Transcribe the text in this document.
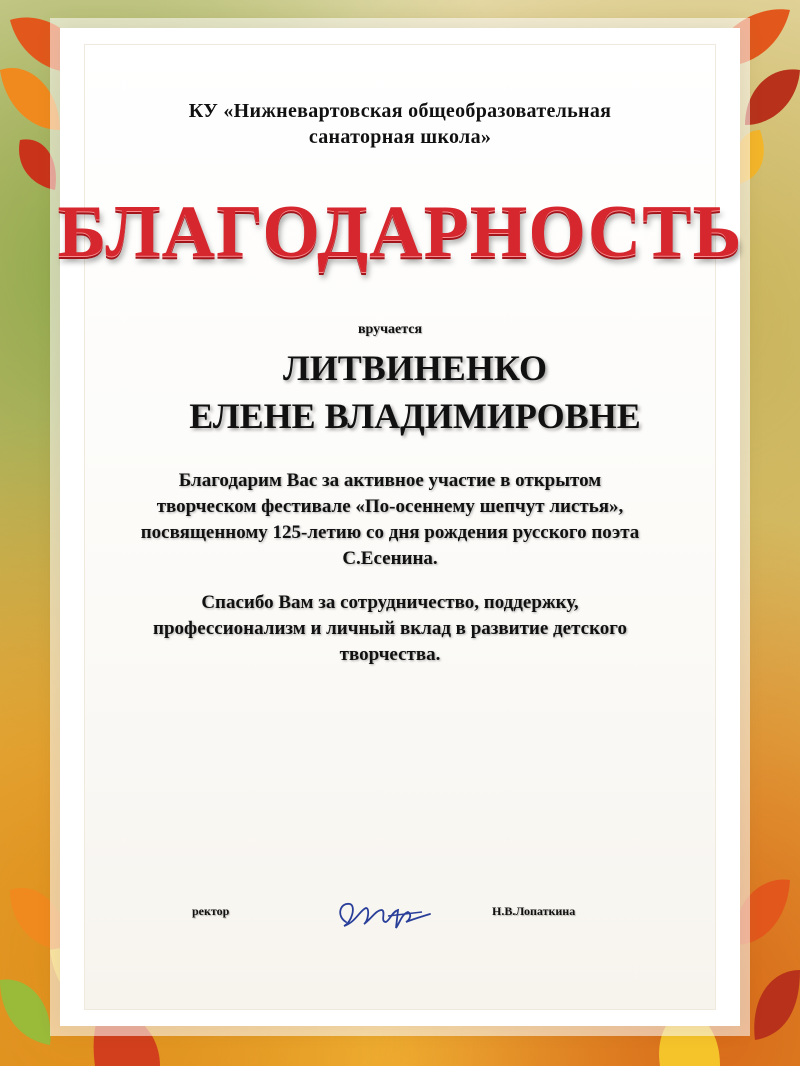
КУ «Нижневартовская общеобразовательная
санаторная школа»
БЛАГОДАРНОСТЬ
вручается
ЛИТВИНЕНКО
ЕЛЕНЕ ВЛАДИМИРОВНЕ
Благодарим Вас за активное участие в открытом
творческом фестивале «По-осеннему шепчут листья»,
посвященному 125-летию со дня рождения русского поэта
С.Есенина.
Спасибо Вам за сотрудничество, поддержку,
профессионализм и личный вклад в развитие детского
творчества.
ректор	Н.В.Лопаткина
